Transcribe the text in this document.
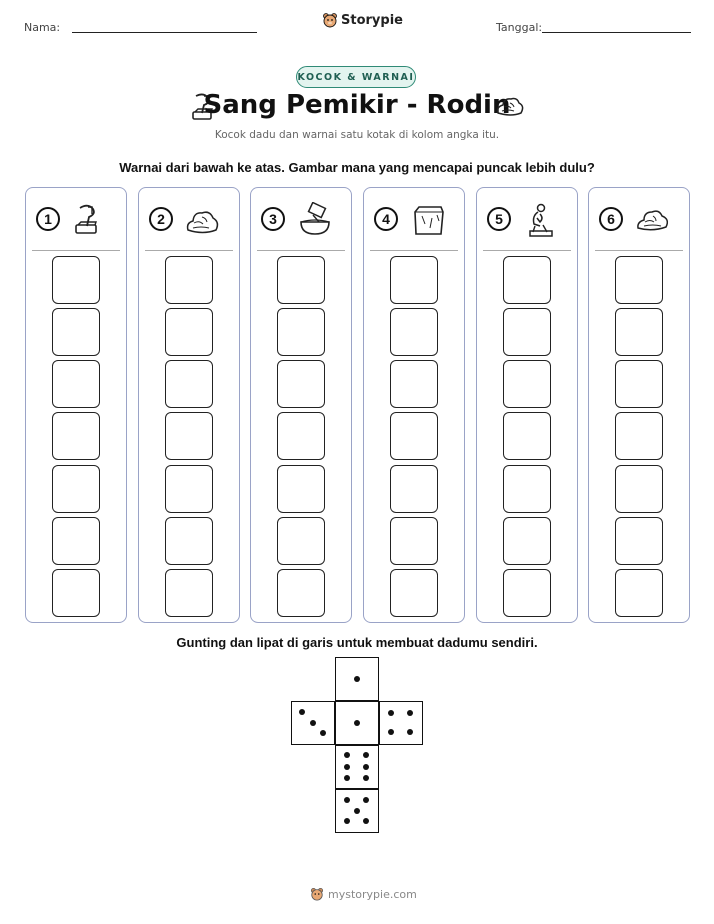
Nama:	Storypie	Tanggal:
KOCOK & WARNAI
Sang Pemikir - Rodin
Kocok dadu dan warnai satu kotak di kolom angka itu.
Warnai dari bawah ke atas. Gambar mana yang mencapai puncak lebih dulu?
1	2	3	4	5	6
Gunting dan lipat di garis untuk membuat dadumu sendiri.
mystorypie.com
